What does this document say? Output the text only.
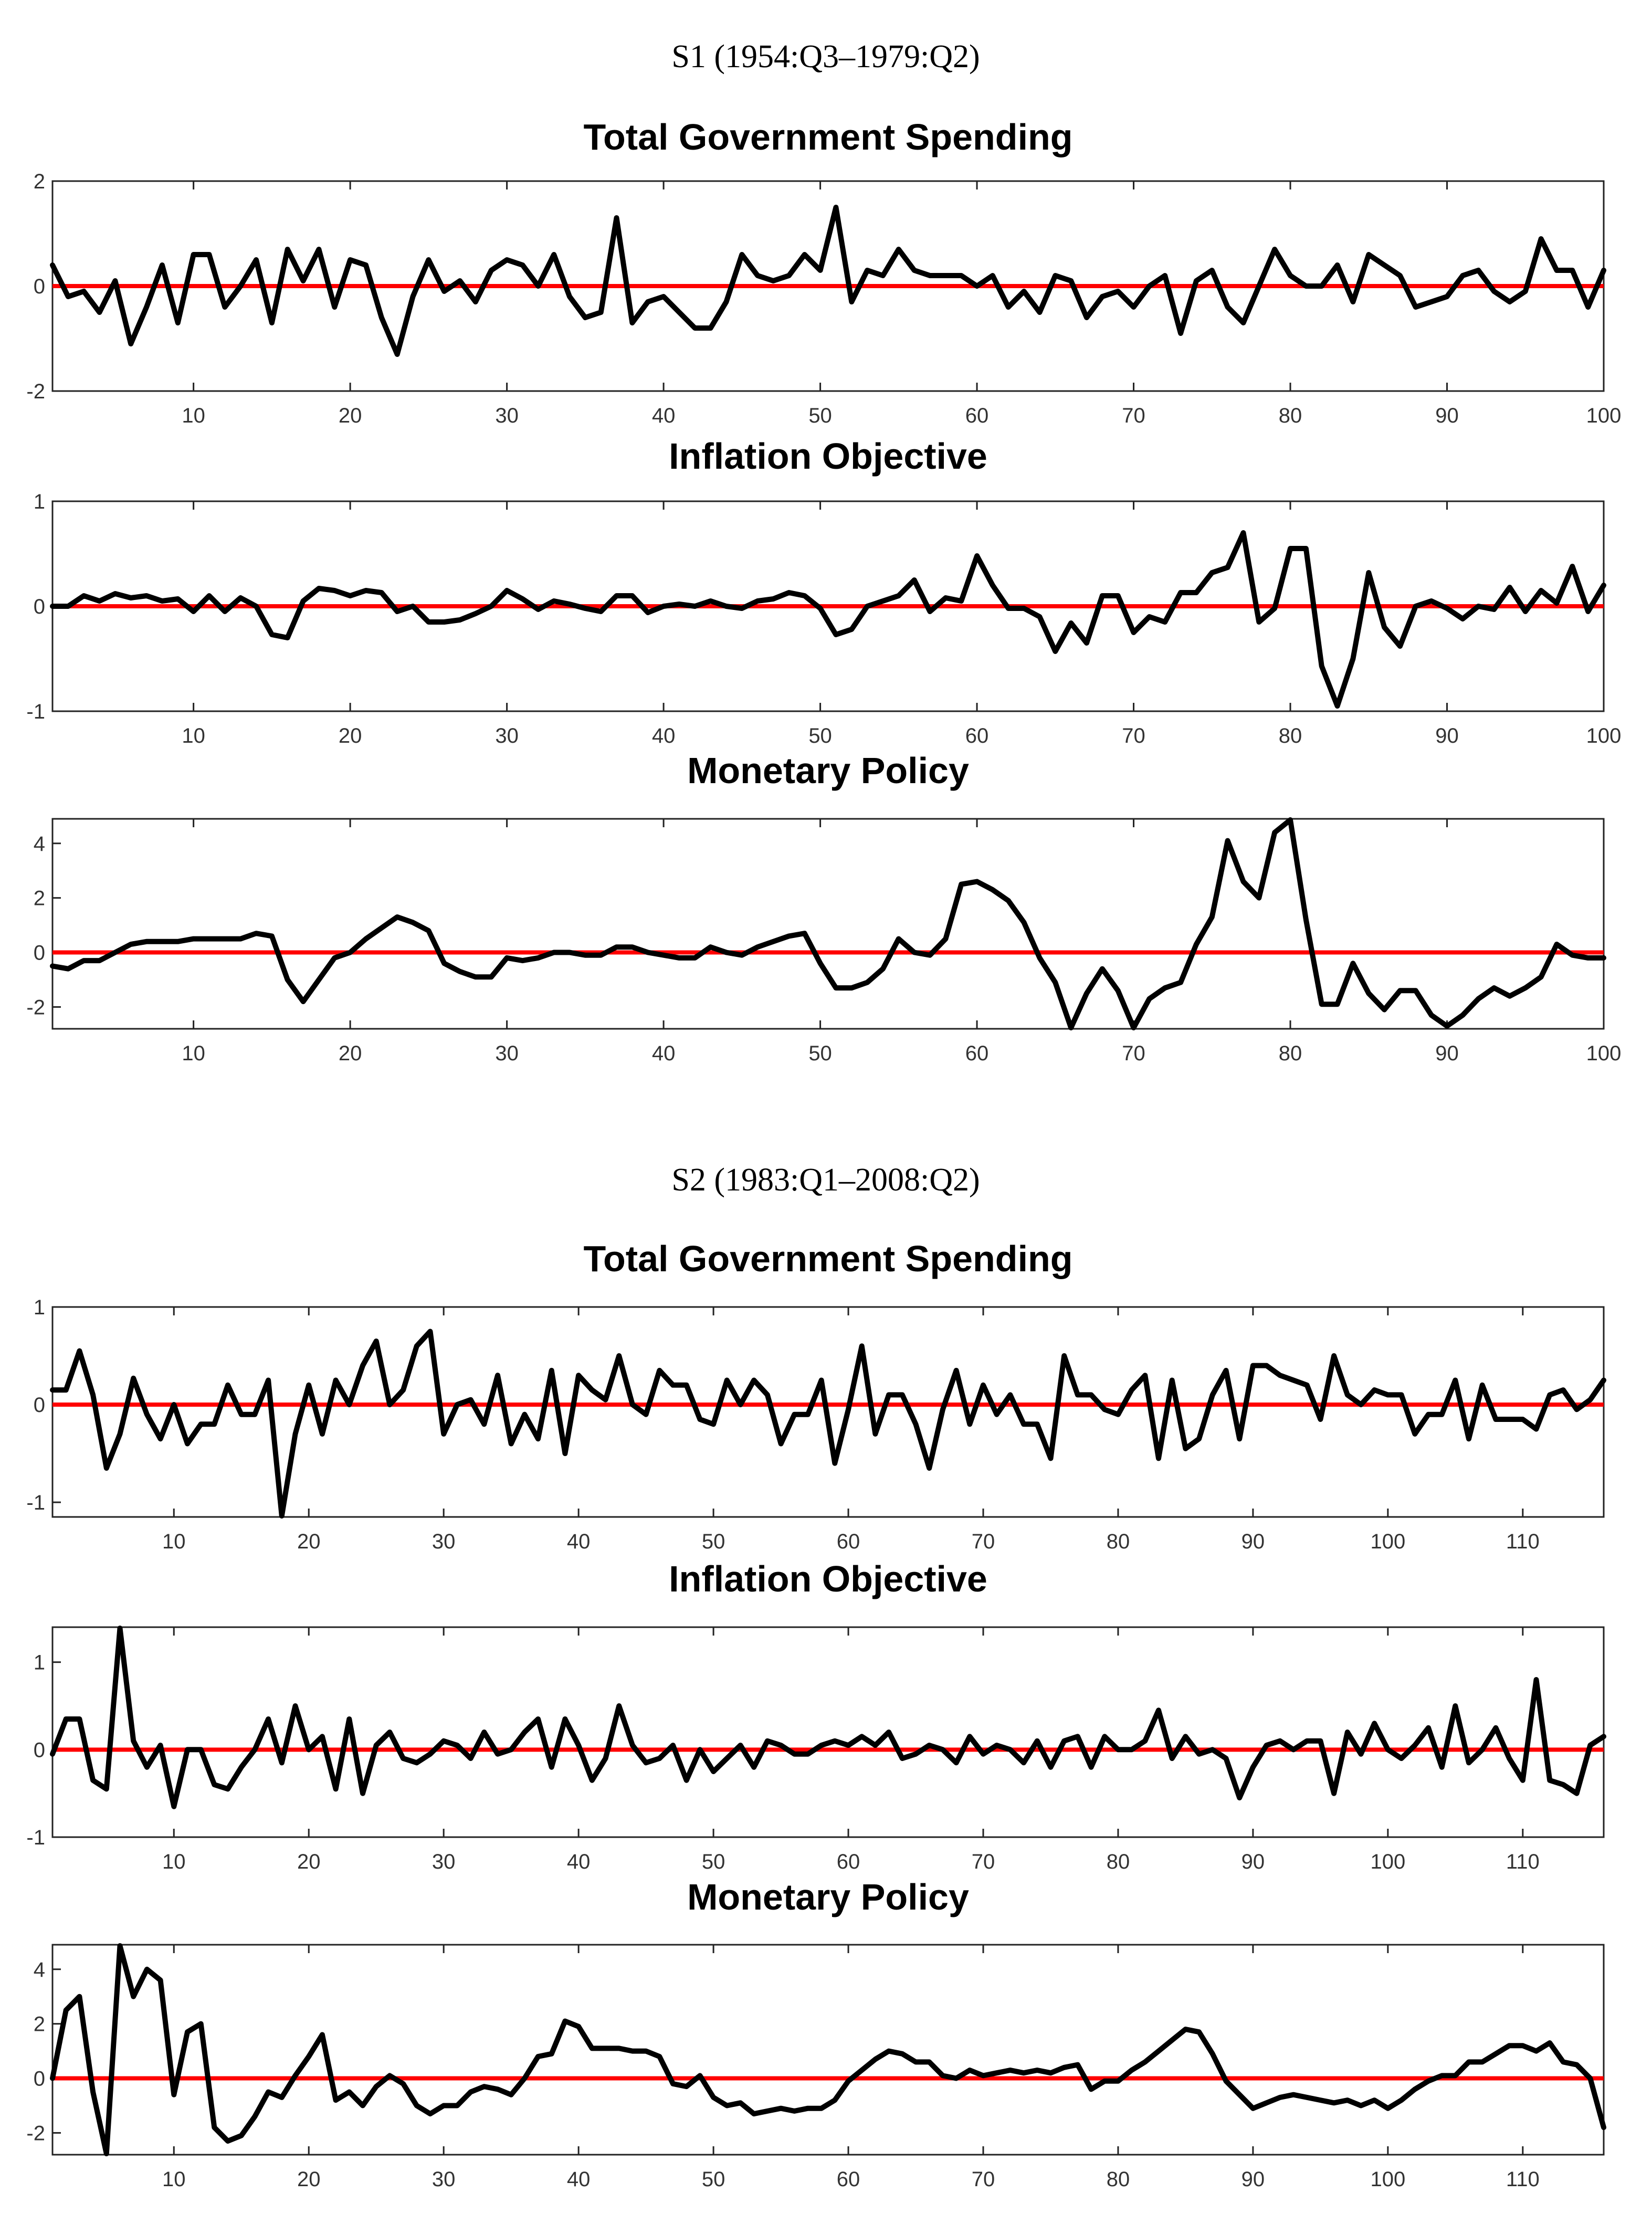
S1 (1954:Q3–1979:Q2)
S2 (1983:Q1–2008:Q2)
Total Government Spending
10	20	30	40	50	60	70	80	90	100
-2
0
2
Inflation Objective
10	20	30	40	50	60	70	80	90	100
-1
0
1
Monetary Policy
10	20	30	40	50	60	70	80	90	100
-2
0
2
4
Total Government Spending
10	20	30	40	50	60	70	80	90	100	110
-1
0
1
Inflation Objective
10	20	30	40	50	60	70	80	90	100	110
-1
0
1
Monetary Policy
10	20	30	40	50	60	70	80	90	100	110
-2
0
2
4
